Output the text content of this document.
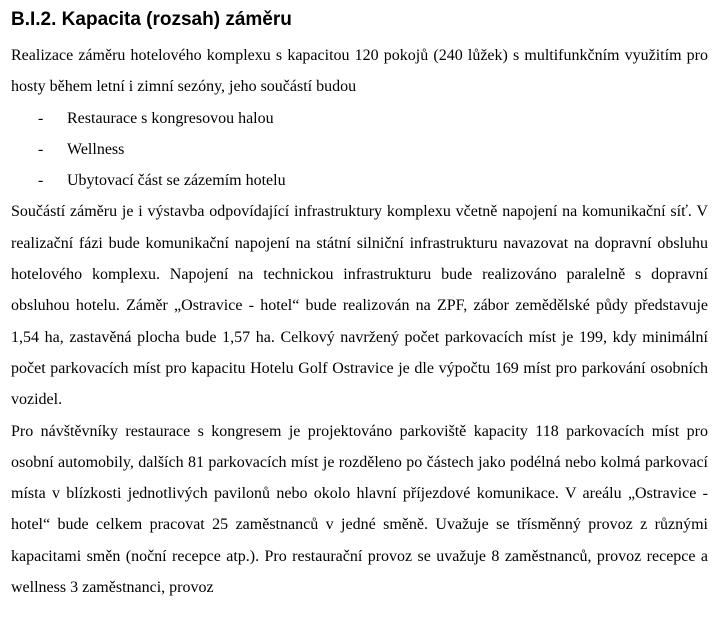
B.I.2. Kapacita (rozsah) záměru

Realizace záměru hotelového komplexu s kapacitou 120 pokojů (240 lůžek) s multifunkčním využitím pro hosty během letní i zimní sezóny, jeho součástí budou

- Restaurace s kongresovou halou
- Wellness
- Ubytovací část se zázemím hotelu

Součástí záměru je i výstavba odpovídající infrastruktury komplexu včetně napojení na komunikační síť. V realizační fázi bude komunikační napojení na státní silniční infrastrukturu navazovat na dopravní obsluhu hotelového komplexu. Napojení na technickou infrastrukturu bude realizováno paralelně s dopravní obsluhou hotelu. Záměr „Ostravice - hotel“ bude realizován na ZPF, zábor zemědělské půdy představuje 1,54 ha, zastavěná plocha bude 1,57 ha. Celkový navržený počet parkovacích míst je 199, kdy minimální počet parkovacích míst pro kapacitu Hotelu Golf Ostravice je dle výpočtu 169 míst pro parkování osobních vozidel.

Pro návštěvníky restaurace s kongresem je projektováno parkoviště kapacity 118 parkovacích míst pro osobní automobily, dalších 81 parkovacích míst je rozděleno po částech jako podélná nebo kolmá parkovací místa v blízkosti jednotlivých pavilonů nebo okolo hlavní příjezdové komunikace. V areálu „Ostravice - hotel“ bude celkem pracovat 25 zaměstnanců v jedné směně. Uvažuje se třísměnný provoz z různými kapacitami směn (noční recepce atp.). Pro restaurační provoz se uvažuje 8 zaměstnanců, provoz recepce a wellness 3 zaměstnanci, provoz
